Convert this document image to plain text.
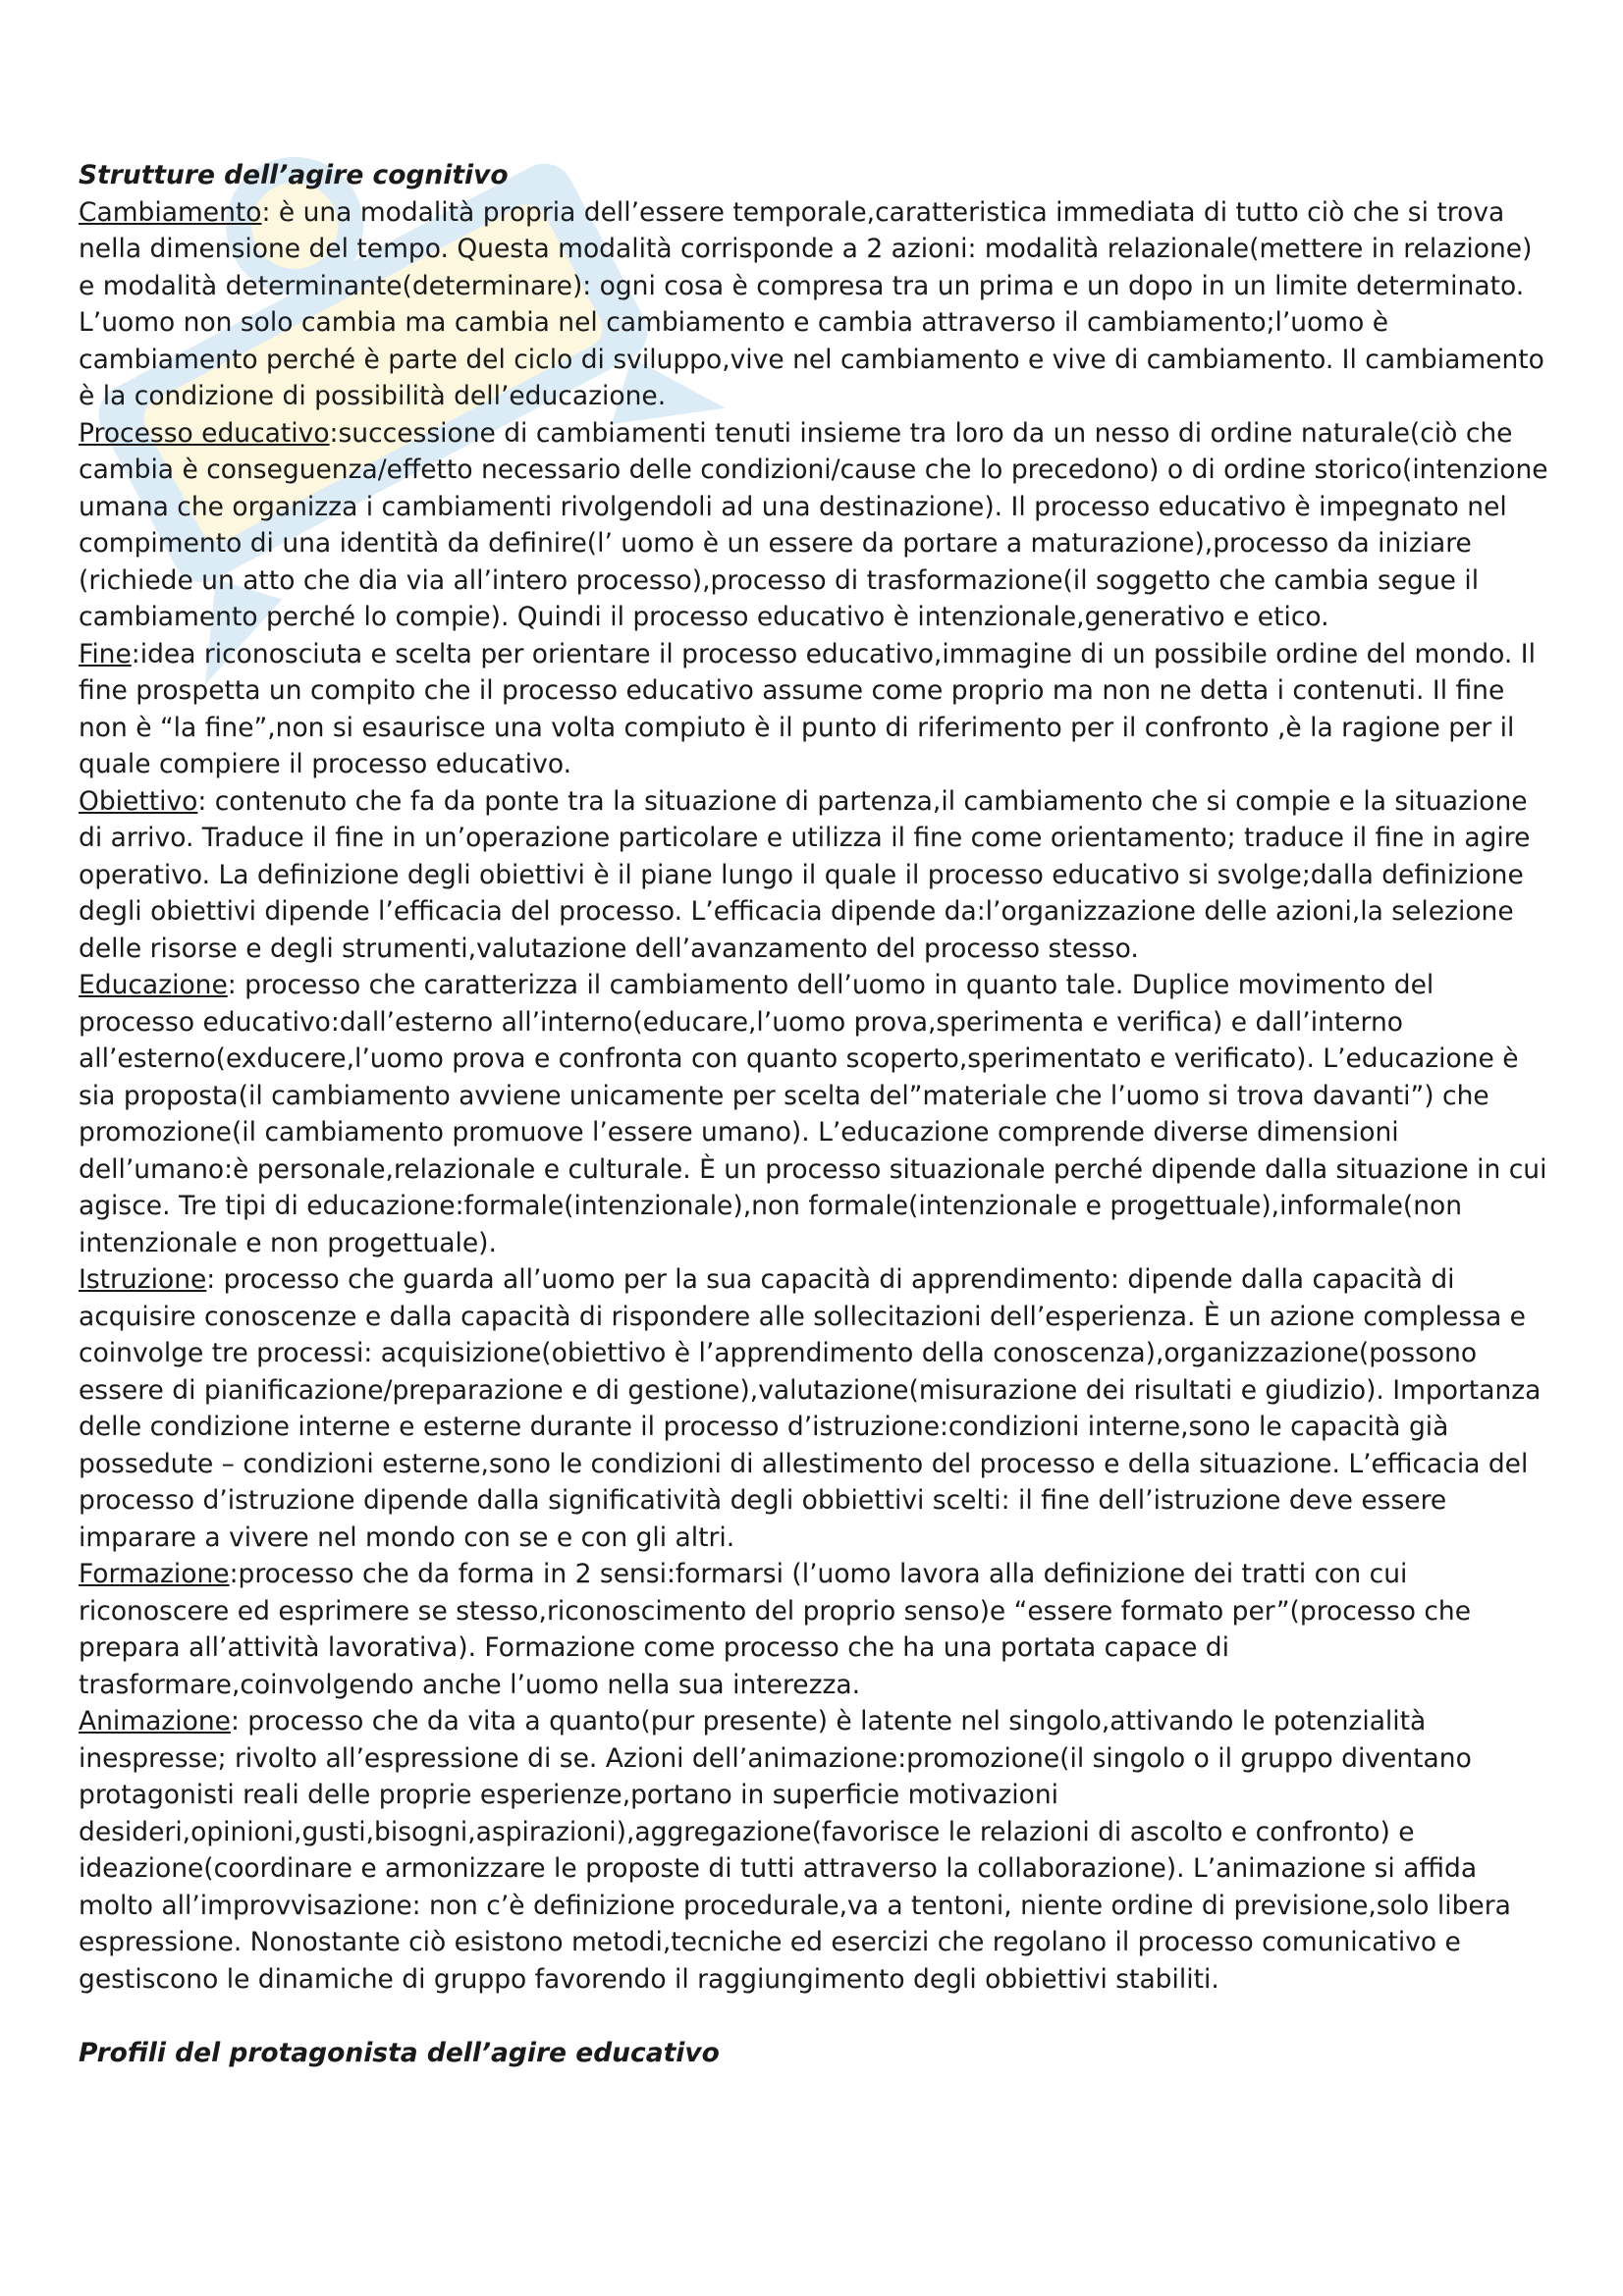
Strutture dell’agire cognitivo

Cambiamento: è una modalità propria dell’essere temporale,caratteristica immediata di tutto ciò che si trova nella dimensione del tempo. Questa modalità corrisponde a 2 azioni: modalità relazionale(mettere in relazione) e modalità determinante(determinare): ogni cosa è compresa tra un prima e un dopo in un limite determinato. L’uomo non solo cambia ma cambia nel cambiamento e cambia attraverso il cambiamento;l’uomo è cambiamento perché è parte del ciclo di sviluppo,vive nel cambiamento e vive di cambiamento. Il cambiamento è la condizione di possibilità dell’educazione.

Processo educativo:successione di cambiamenti tenuti insieme tra loro da un nesso di ordine naturale(ciò che cambia è conseguenza/effetto necessario delle condizioni/cause che lo precedono) o di ordine storico(intenzione umana che organizza i cambiamenti rivolgendoli ad una destinazione). Il processo educativo è impegnato nel compimento di una identità da definire(l’ uomo è un essere da portare a maturazione),processo da iniziare (richiede un atto che dia via all’intero processo),processo di trasformazione(il soggetto che cambia segue il cambiamento perché lo compie). Quindi il processo educativo è intenzionale,generativo e etico.

Fine:idea riconosciuta e scelta per orientare il processo educativo,immagine di un possibile ordine del mondo. Il fine prospetta un compito che il processo educativo assume come proprio ma non ne detta i contenuti. Il fine non è “la fine”,non si esaurisce una volta compiuto è il punto di riferimento per il confronto ,è la ragione per il quale compiere il processo educativo.

Obiettivo: contenuto che fa da ponte tra la situazione di partenza,il cambiamento che si compie e la situazione di arrivo. Traduce il fine in un’operazione particolare e utilizza il fine come orientamento; traduce il fine in agire operativo. La definizione degli obiettivi è il piane lungo il quale il processo educativo si svolge;dalla definizione degli obiettivi dipende l’efficacia del processo. L’efficacia dipende da:l’organizzazione delle azioni,la selezione delle risorse e degli strumenti,valutazione dell’avanzamento del processo stesso.

Educazione: processo che caratterizza il cambiamento dell’uomo in quanto tale. Duplice movimento del processo educativo:dall’esterno all’interno(educare,l’uomo prova,sperimenta e verifica) e dall’interno all’esterno(exducere,l’uomo prova e confronta con quanto scoperto,sperimentato e verificato). L’educazione è sia proposta(il cambiamento avviene unicamente per scelta del”materiale che l’uomo si trova davanti”) che promozione(il cambiamento promuove l’essere umano). L’educazione comprende diverse dimensioni dell’umano:è personale,relazionale e culturale. È un processo situazionale perché dipende dalla situazione in cui agisce. Tre tipi di educazione:formale(intenzionale),non formale(intenzionale e progettuale),informale(non intenzionale e non progettuale).

Istruzione: processo che guarda all’uomo per la sua capacità di apprendimento: dipende dalla capacità di acquisire conoscenze e dalla capacità di rispondere alle sollecitazioni dell’esperienza. È un azione complessa e coinvolge tre processi: acquisizione(obiettivo è l’apprendimento della conoscenza),organizzazione(possono essere di pianificazione/preparazione e di gestione),valutazione(misurazione dei risultati e giudizio). Importanza delle condizione interne e esterne durante il processo d’istruzione:condizioni interne,sono le capacità già possedute – condizioni esterne,sono le condizioni di allestimento del processo e della situazione. L’efficacia del processo d’istruzione dipende dalla significatività degli obbiettivi scelti: il fine dell’istruzione deve essere imparare a vivere nel mondo con se e con gli altri.

Formazione:processo che da forma in 2 sensi:formarsi (l’uomo lavora alla definizione dei tratti con cui riconoscere ed esprimere se stesso,riconoscimento del proprio senso)e “essere formato per”(processo che prepara all’attività lavorativa). Formazione come processo che ha una portata capace di trasformare,coinvolgendo anche l’uomo nella sua interezza.

Animazione: processo che da vita a quanto(pur presente) è latente nel singolo,attivando le potenzialità inespresse; rivolto all’espressione di se. Azioni dell’animazione:promozione(il singolo o il gruppo diventano protagonisti reali delle proprie esperienze,portano in superficie motivazioni desideri,opinioni,gusti,bisogni,aspirazioni),aggregazione(favorisce le relazioni di ascolto e confronto) e ideazione(coordinare e armonizzare le proposte di tutti attraverso la collaborazione). L’animazione si affida molto all’improvvisazione: non c’è definizione procedurale,va a tentoni, niente ordine di previsione,solo libera espressione. Nonostante ciò esistono metodi,tecniche ed esercizi che regolano il processo comunicativo e gestiscono le dinamiche di gruppo favorendo il raggiungimento degli obbiettivi stabiliti.

Profili del protagonista dell’agire educativo
